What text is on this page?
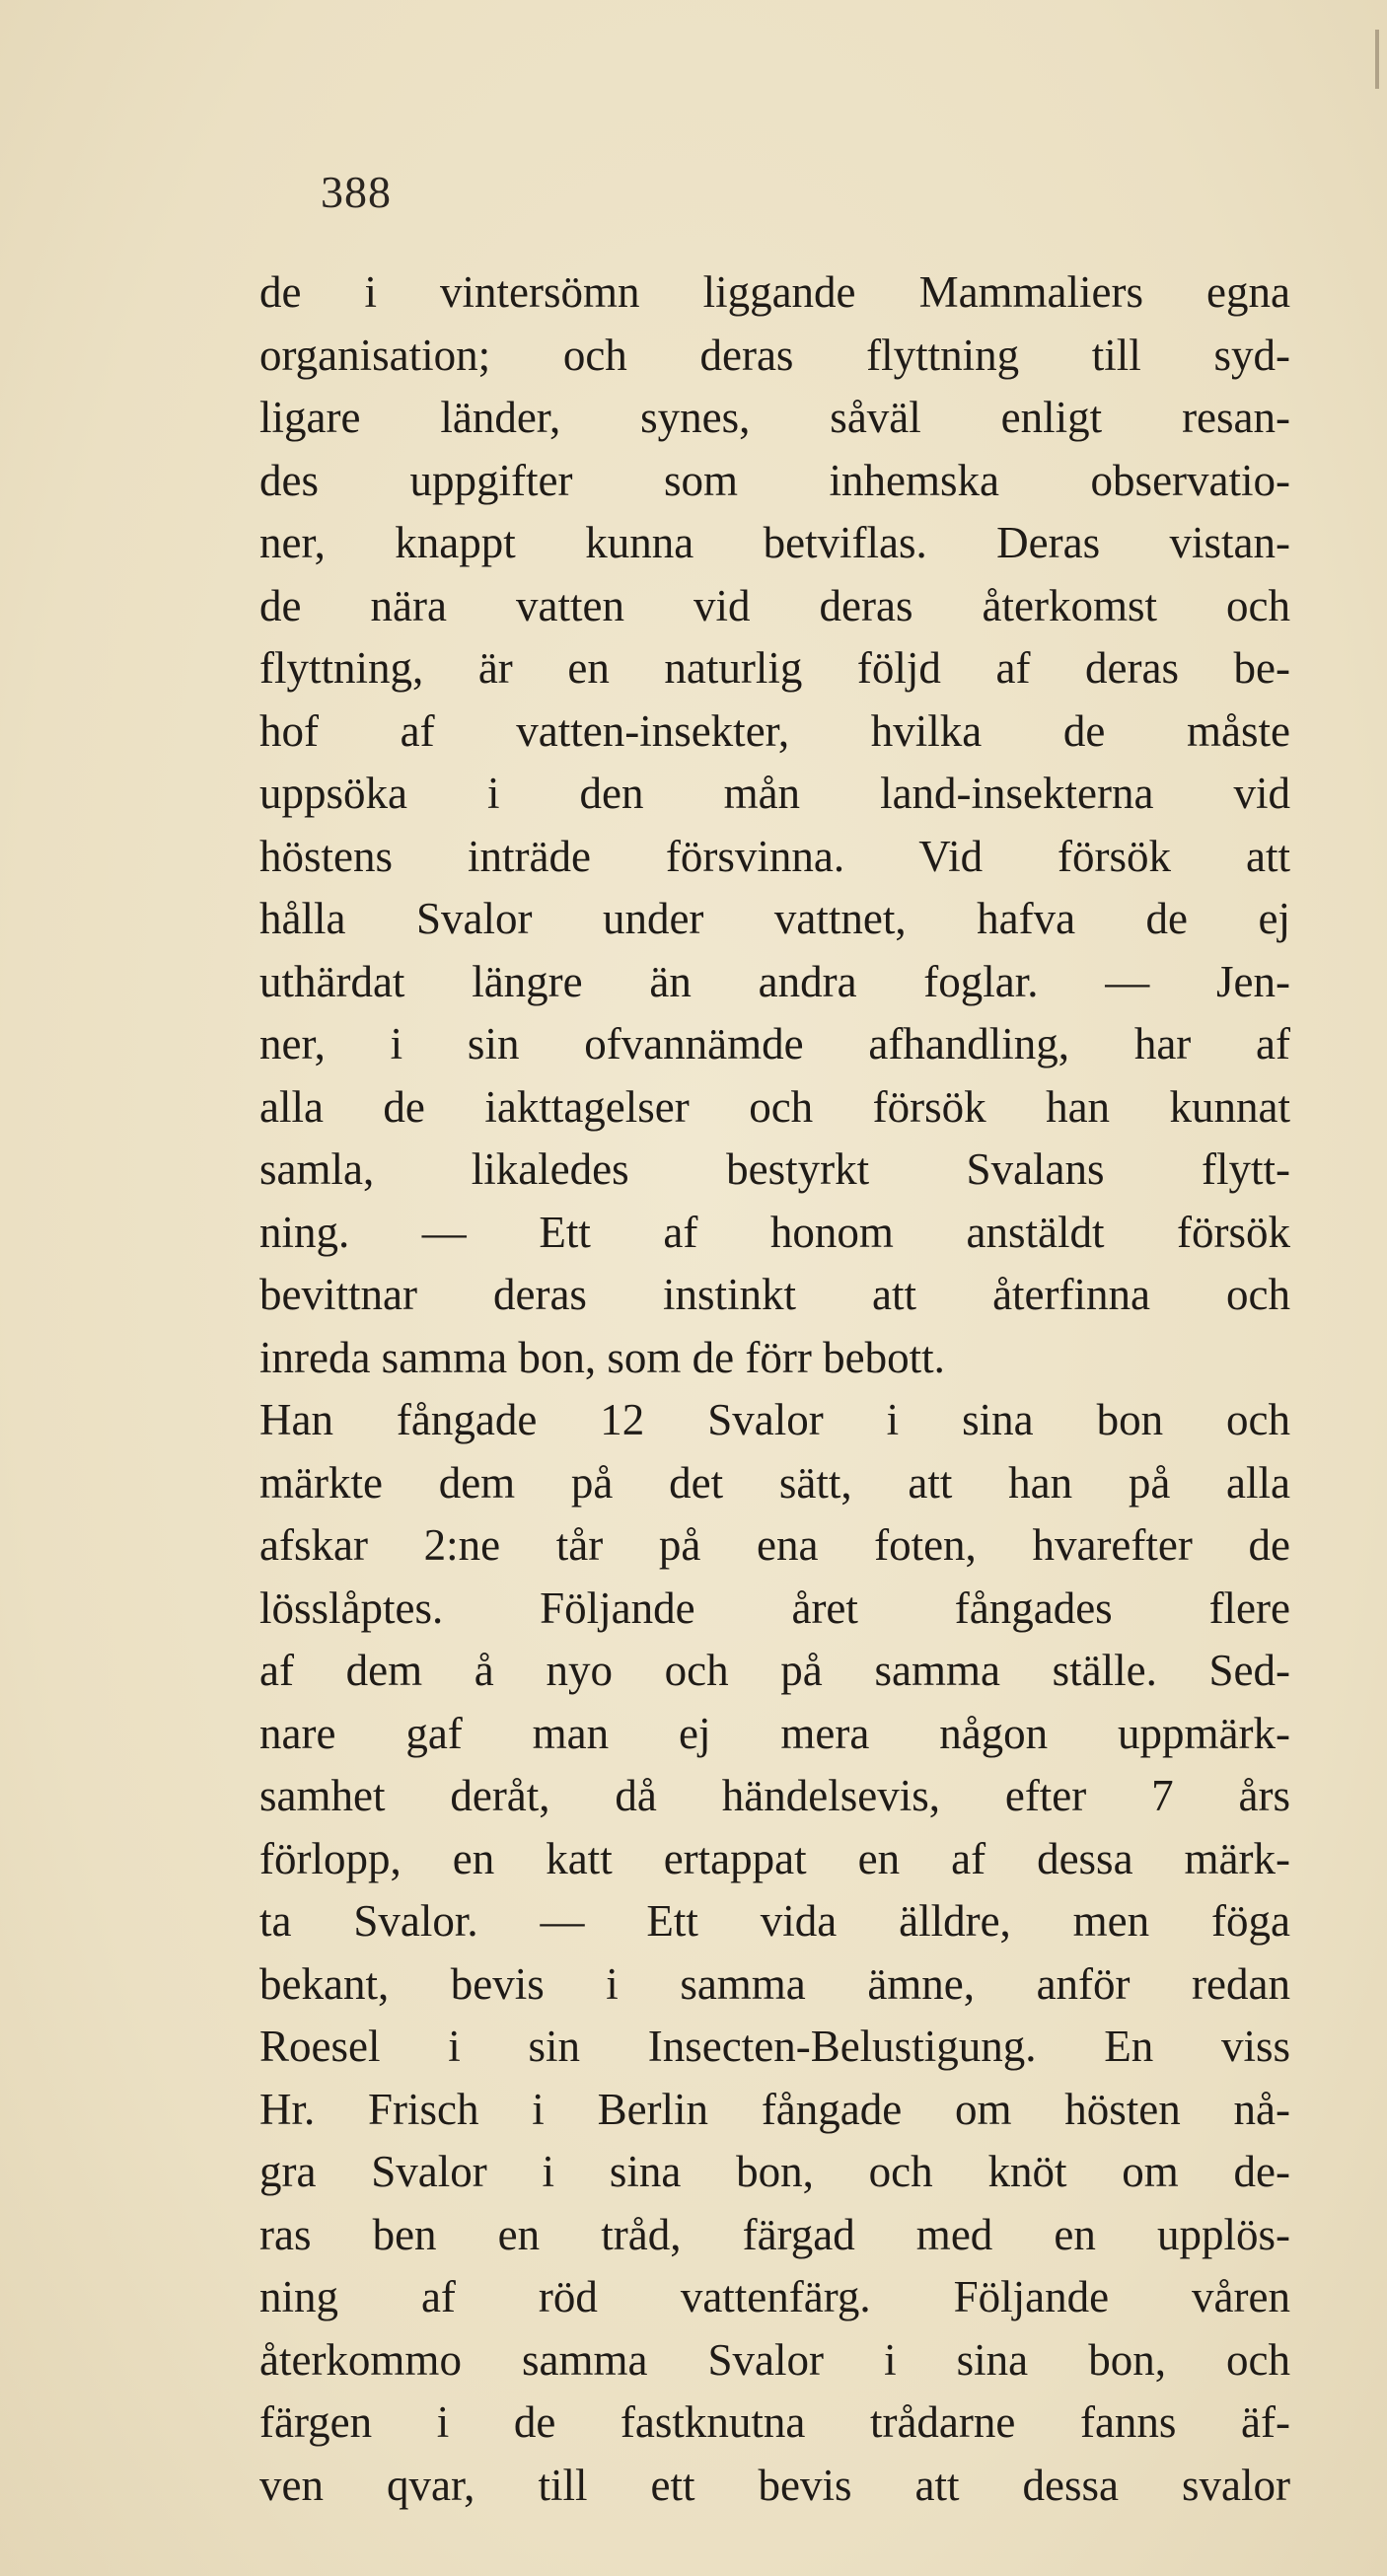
388
de i vintersömn liggande Mammaliers egna
organisation; och deras flyttning till syd-
ligare länder, synes, såväl enligt resan-
des uppgifter som inhemska observatio-
ner, knappt kunna betviflas. Deras vistan-
de nära vatten vid deras återkomst och
flyttning, är en naturlig följd af deras be-
hof af vatten-insekter, hvilka de måste
uppsöka i den mån land-insekterna vid
höstens inträde försvinna. Vid försök att
hålla Svalor under vattnet, hafva de ej
uthärdat längre än andra foglar. — Jen-
ner, i sin ofvannämde afhandling, har af
alla de iakttagelser och försök han kunnat
samla, likaledes bestyrkt Svalans flytt-
ning. — Ett af honom anstäldt försök
bevittnar deras instinkt att återfinna och
inreda samma bon, som de förr bebott.
Han fångade 12 Svalor i sina bon och
märkte dem på det sätt, att han på alla
afskar 2:ne tår på ena foten, hvarefter de
lösslåptes. Följande året fångades flere
af dem å nyo och på samma ställe. Sed-
nare gaf man ej mera någon uppmärk-
samhet deråt, då händelsevis, efter 7 års
förlopp, en katt ertappat en af dessa märk-
ta Svalor. — Ett vida älldre, men föga
bekant, bevis i samma ämne, anför redan
Roesel i sin Insecten-Belustigung. En viss
Hr. Frisch i Berlin fångade om hösten nå-
gra Svalor i sina bon, och knöt om de-
ras ben en tråd, färgad med en upplös-
ning af röd vattenfärg. Följande våren
återkommo samma Svalor i sina bon, och
färgen i de fastknutna trådarne fanns äf-
ven qvar, till ett bevis att dessa svalor
